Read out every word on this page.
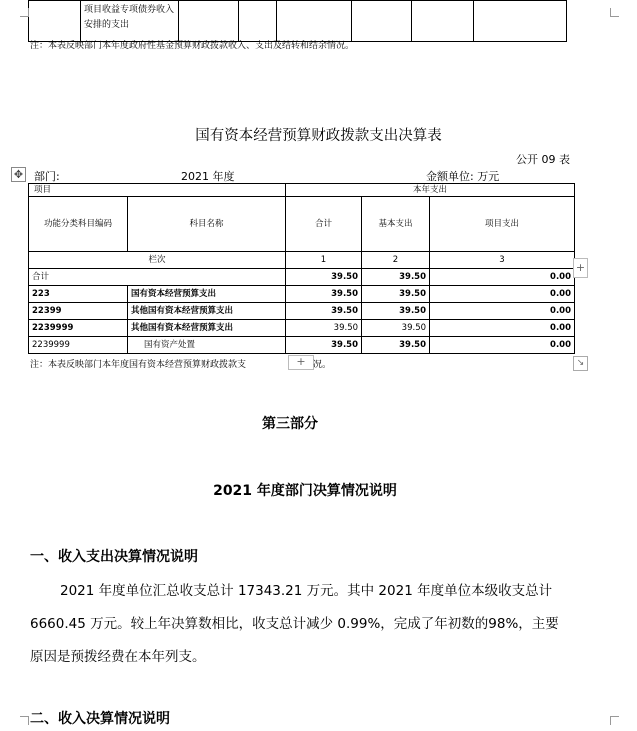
	项目收益专项债券收入安排的支出						
注：本表反映部门本年度政府性基金预算财政拨款收入、支出及结转和结余情况。
国有资本经营预算财政拨款支出决算表
公开 09 表
✥ 部门:	2021 年度	金额单位: 万元
项目		本年支出		
功能分类科目编码	科目名称	合计	基本支出	项目支出
栏次		1	2	3
合计		39.50	39.50	0.00
223	国有资本经营预算支出	39.50	39.50	0.00
22399	其他国有资本经营预算支出	39.50	39.50	0.00
2239999	其他国有资本经营预算支出	39.50	39.50	0.00
2239999	国有资产处置	39.50	39.50	0.00
+
注：本表反映部门本年度国有资本经营预算财政拨款支	+ 况。	↘
第三部分
2021 年度部门决算情况说明
一、收入支出决算情况说明
2021 年度单位汇总收支总计 17343.21 万元。其中 2021 年度单位本级收支总计
6660.45 万元。较上年决算数相比，收支总计减少 0.99%，完成了年初数的98%，主要
原因是预拨经费在本年列支。
二、收入决算情况说明
